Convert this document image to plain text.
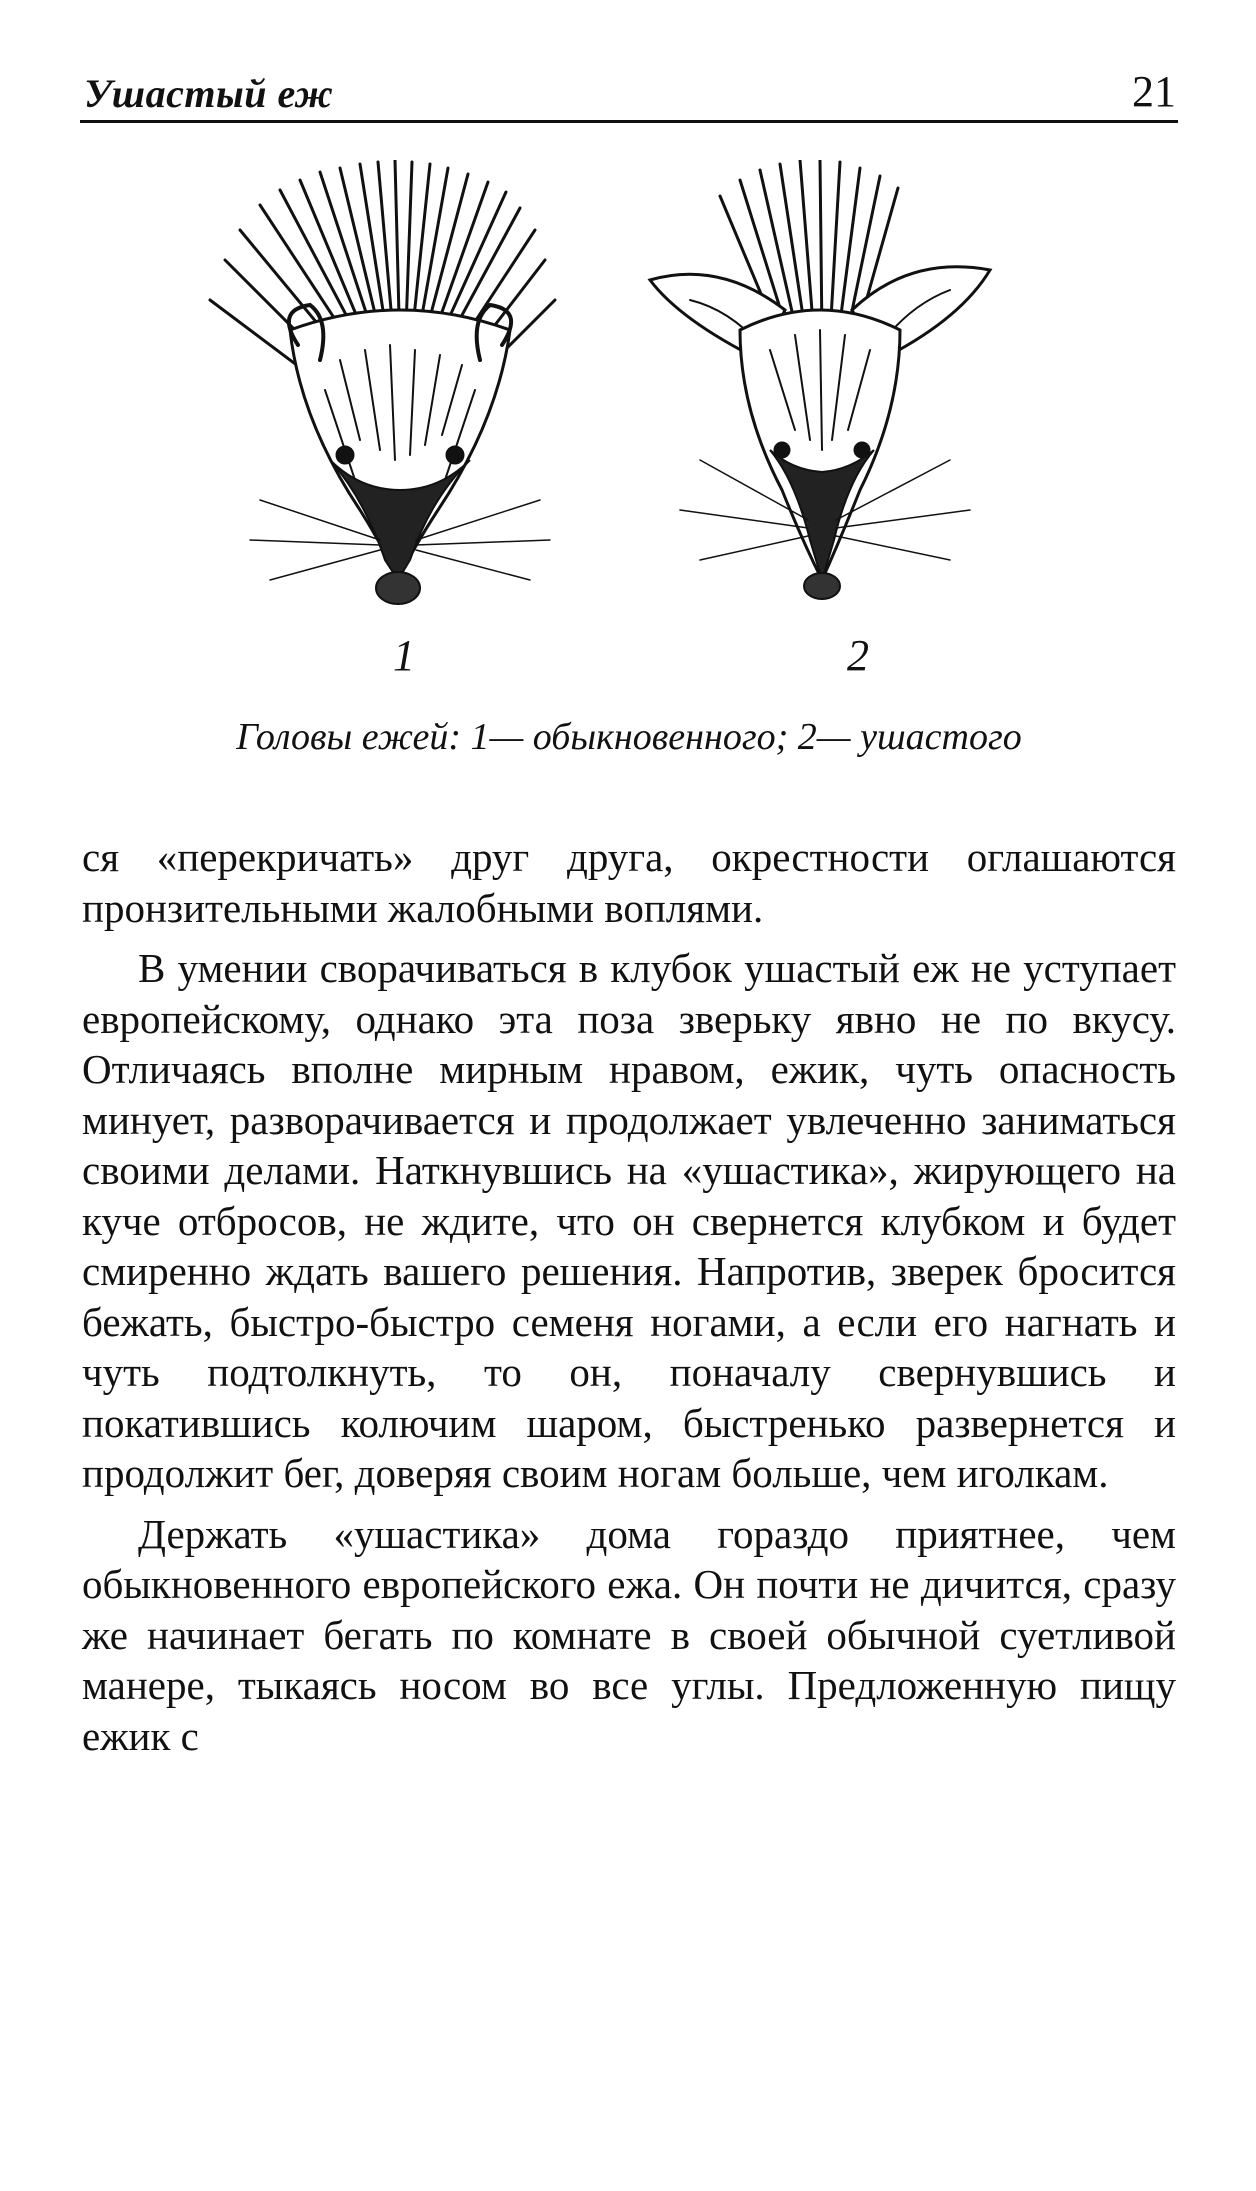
Ушастый еж	21
1	2
Головы ежей: 1— обыкновенного; 2— ушастого

ся «перекричать» друг друга, окрестности оглашаются пронзительными жалобными воплями.

В умении сворачиваться в клубок ушастый еж не уступает европейскому, однако эта поза зверьку явно не по вкусу. Отличаясь вполне мирным нравом, ежик, чуть опасность минует, разворачивается и продолжает увлеченно заниматься своими делами. Наткнувшись на «ушастика», жирующего на куче отбросов, не ждите, что он свернется клубком и будет смиренно ждать вашего решения. Напротив, зверек бросится бежать, быстро-быстро семеня ногами, а если его нагнать и чуть подтолкнуть, то он, поначалу свернувшись и покатившись колючим шаром, быстренько развернется и продолжит бег, доверяя своим ногам больше, чем иголкам.

Держать «ушастика» дома гораздо приятнее, чем обыкновенного европейского ежа. Он почти не дичится, сразу же начинает бегать по комнате в своей обычной суетливой манере, тыкаясь носом во все углы. Предложенную пищу ежик с
